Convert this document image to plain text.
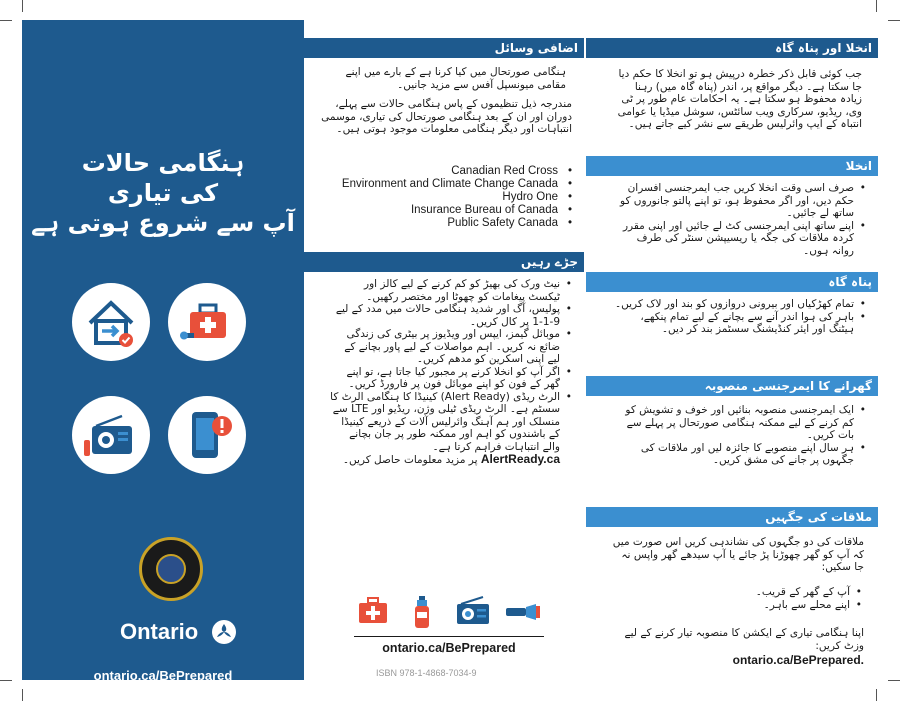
ہنگامی حالات
کی تیاری
آپ سے شروع ہوتی ہے
Ontario
ontario.ca/BePrepared
اضافی وسائل
ہنگامی صورتحال میں کیا کرنا ہے کے بارے میں اپنے مقامی میونسپل آفس سے مزید جانیں۔
مندرجہ ذیل تنظیموں کے پاس ہنگامی حالات سے پہلے، دوران اور ان کے بعد ہنگامی صورتحال کی تیاری، موسمی انتباہات اور دیگر ہنگامی معلومات موجود ہوتی ہیں۔
Canadian Red Cross •
Environment and Climate Change Canada •
Hydro One •
Insurance Bureau of Canada •
Public Safety Canada •
جڑے رہیں
• نیٹ ورک کی بھیڑ کو کم کرنے کے لیے کالز اور ٹیکسٹ پیغامات کو چھوٹا اور مختصر رکھیں۔
• پولیس، آگ اور شدید ہنگامی حالات میں مدد کے لیے 9-1-1 پر کال کریں۔
• موبائل گیمز، ایپس اور ویڈیوز پر بیٹری کی زندگی ضائع نہ کریں۔ اہم مواصلات کے لیے پاور بچانے کے لیے اپنی اسکرین کو مدھم کریں۔
• اگر آپ کو انخلا کرنے پر مجبور کیا جاتا ہے، تو اپنے گھر کے فون کو اپنے موبائل فون پر فارورڈ کریں۔
• الرٹ ریڈی (Alert Ready) کینیڈا کا ہنگامی الرٹ کا سسٹم ہے۔ الرٹ ریڈی ٹیلی وژن، ریڈیو اور LTE سے منسلک اور ہم آہنگ وائرلیس آلات کے ذریعے کینیڈا کے باشندوں کو اہم اور ممکنہ طور پر جان بچانے والے انتباہات فراہم کرتا ہے۔
AlertReady.ca پر مزید معلومات حاصل کریں۔
ontario.ca/BePrepared
ISBN 978-1-4868-7034-9
انخلا اور پناہ گاہ
جب کوئی قابل ذکر خطرہ درپیش ہو تو انخلا کا حکم دیا جا سکتا ہے۔ دیگر مواقع پر، اندر (پناہ گاہ میں) رہنا زیادہ محفوظ ہو سکتا ہے۔ یہ احکامات عام طور پر ٹی وی، ریڈیو، سرکاری ویب سائٹس، سوشل میڈیا یا عوامی انتباہ کے ایپ وائرلیس طریقے سے نشر کیے جاتے ہیں۔
انخلا
• صرف اسی وقت انخلا کریں جب ایمرجنسی افسران حکم دیں، اور اگر محفوظ ہو، تو اپنے پالتو جانوروں کو ساتھ لے جائیں۔
• اپنے ساتھ اپنی ایمرجنسی کٹ لے جائیں اور اپنی مقرر کردہ ملاقات کی جگہ یا ریسیپشن سنٹر کی طرف روانہ ہوں۔
پناہ گاہ
• تمام کھڑکیاں اور بیرونی دروازوں کو بند اور لاک کریں۔
• باہر کی ہوا اندر آنے سے بچانے کے لیے تمام پنکھے، ہیٹنگ اور ایئر کنڈیشنگ سسٹمز بند کر دیں۔
گھرانے کا ایمرجنسی منصوبہ
• ایک ایمرجنسی منصوبہ بنائیں اور خوف و تشویش کو کم کرنے کے لیے ممکنہ ہنگامی صورتحال پر پہلے سے بات کریں۔
• ہر سال اپنے منصوبے کا جائزہ لیں اور ملاقات کی جگہوں پر جانے کی مشق کریں۔
ملاقات کی جگہیں
ملاقات کی دو جگہوں کی نشاندہی کریں اس صورت میں کہ آپ کو گھر چھوڑنا پڑ جائے یا آپ سیدھے گھر واپس نہ جا سکیں:
• آپ کے گھر کے قریب۔
• اپنے محلے سے باہر۔
اپنا ہنگامی تیاری کے ایکشن کا منصوبہ تیار کرنے کے لیے وزٹ کریں:
ontario.ca/BePrepared.
